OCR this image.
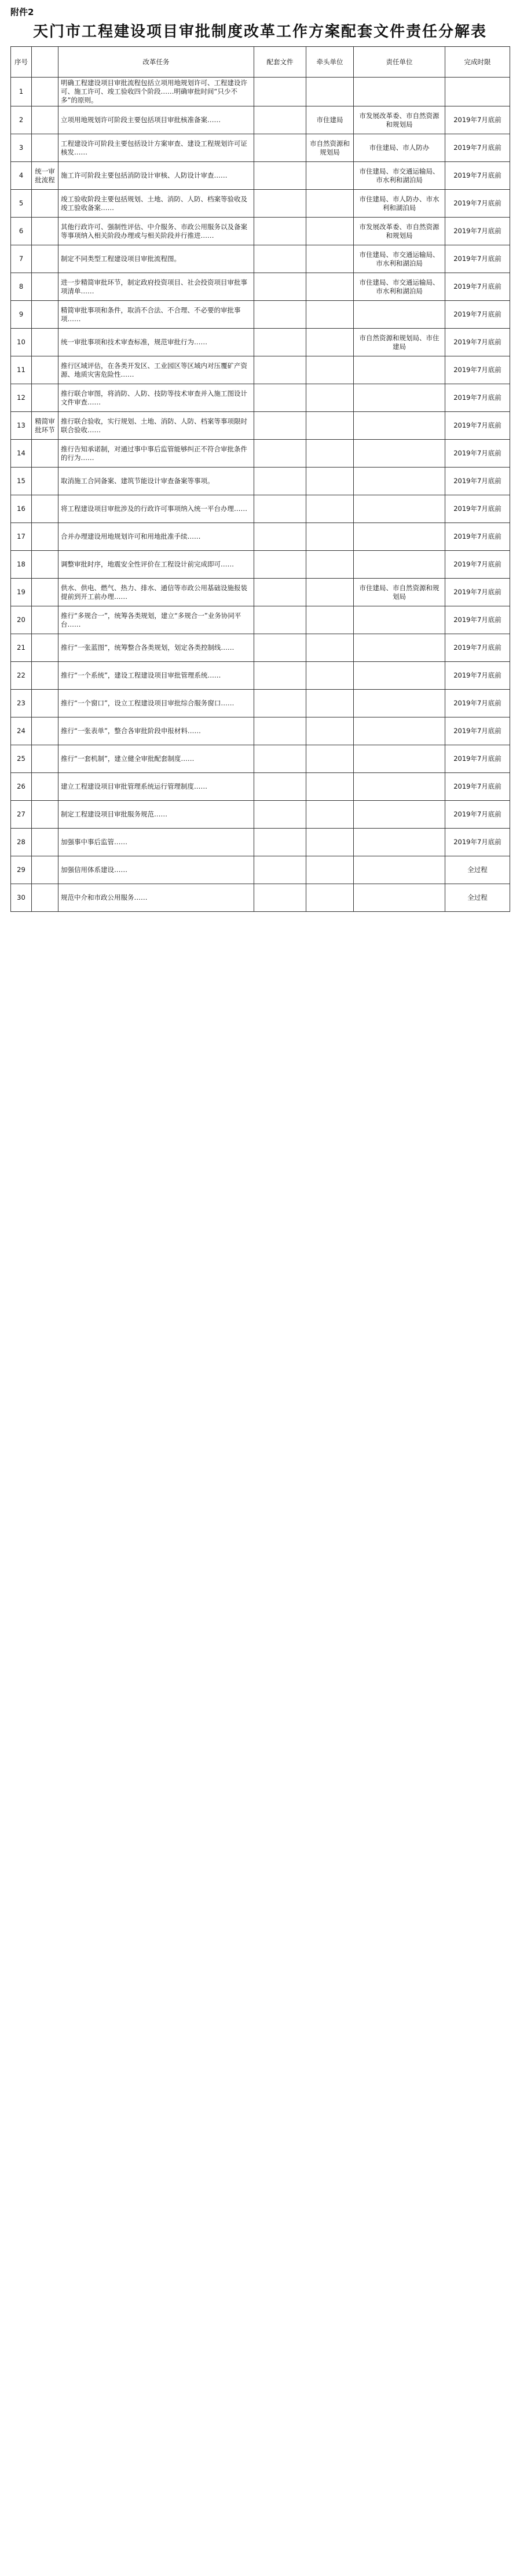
附件2
天门市工程建设项目审批制度改革工作方案配套文件责任分解表
序号		改革任务	配套文件	牵头单位	责任单位	完成时限
1		明确工程建设项目审批流程包括立项用地规划许可、工程建设许可、施工许可、竣工验收四个阶段……明确审批时间“只少不多”的原则。				
2		立项用地规划许可阶段主要包括项目审批核准备案……		市住建局	市发展改革委、市自然资源和规划局	2019年7月底前
3		工程建设许可阶段主要包括设计方案审查、建设工程规划许可证核发……		市自然资源和规划局	市住建局、市人防办	2019年7月底前
4	统一审批流程	施工许可阶段主要包括消防设计审核、人防设计审查……			市住建局、市交通运输局、市水利和湖泊局	2019年7月底前
5		竣工验收阶段主要包括规划、土地、消防、人防、档案等验收及竣工验收备案……			市住建局、市人防办、市水利和湖泊局	2019年7月底前
6		其他行政许可、强制性评估、中介服务、市政公用服务以及备案等事项纳入相关阶段办理或与相关阶段并行推进……			市发展改革委、市自然资源和规划局	2019年7月底前
7		制定不同类型工程建设项目审批流程图。			市住建局、市交通运输局、市水利和湖泊局	2019年7月底前
8		进一步精简审批环节，制定政府投资项目、社会投资项目审批事项清单……			市住建局、市交通运输局、市水利和湖泊局	2019年7月底前
9		精简审批事项和条件，取消不合法、不合理、不必要的审批事项……				2019年7月底前
10		统一审批事项和技术审查标准，规范审批行为……			市自然资源和规划局、市住建局	2019年7月底前
11		推行区域评估，在各类开发区、工业园区等区域内对压覆矿产资源、地质灾害危险性……				2019年7月底前
12		推行联合审图，将消防、人防、技防等技术审查并入施工图设计文件审查……				2019年7月底前
13	精简审批环节	推行联合验收，实行规划、土地、消防、人防、档案等事项限时联合验收……				2019年7月底前
14		推行告知承诺制，对通过事中事后监管能够纠正不符合审批条件的行为……				2019年7月底前
15		取消施工合同备案、建筑节能设计审查备案等事项。				2019年7月底前
16		将工程建设项目审批涉及的行政许可事项纳入统一平台办理……				2019年7月底前
17		合并办理建设用地规划许可和用地批准手续……				2019年7月底前
18		调整审批时序，地震安全性评价在工程设计前完成即可……				2019年7月底前
19		供水、供电、燃气、热力、排水、通信等市政公用基础设施报装提前到开工前办理……			市住建局、市自然资源和规划局	2019年7月底前
20		推行“多规合一”，统筹各类规划，建立“多规合一”业务协同平台……				2019年7月底前
21		推行“一张蓝图”，统筹整合各类规划，划定各类控制线……				2019年7月底前
22		推行“一个系统”，建设工程建设项目审批管理系统……				2019年7月底前
23		推行“一个窗口”，设立工程建设项目审批综合服务窗口……				2019年7月底前
24		推行“一张表单”，整合各审批阶段申报材料……				2019年7月底前
25		推行“一套机制”，建立健全审批配套制度……				2019年7月底前
26		建立工程建设项目审批管理系统运行管理制度……				2019年7月底前
27		制定工程建设项目审批服务规范……				2019年7月底前
28		加强事中事后监管……				2019年7月底前
29		加强信用体系建设……				全过程
30		规范中介和市政公用服务……				全过程
